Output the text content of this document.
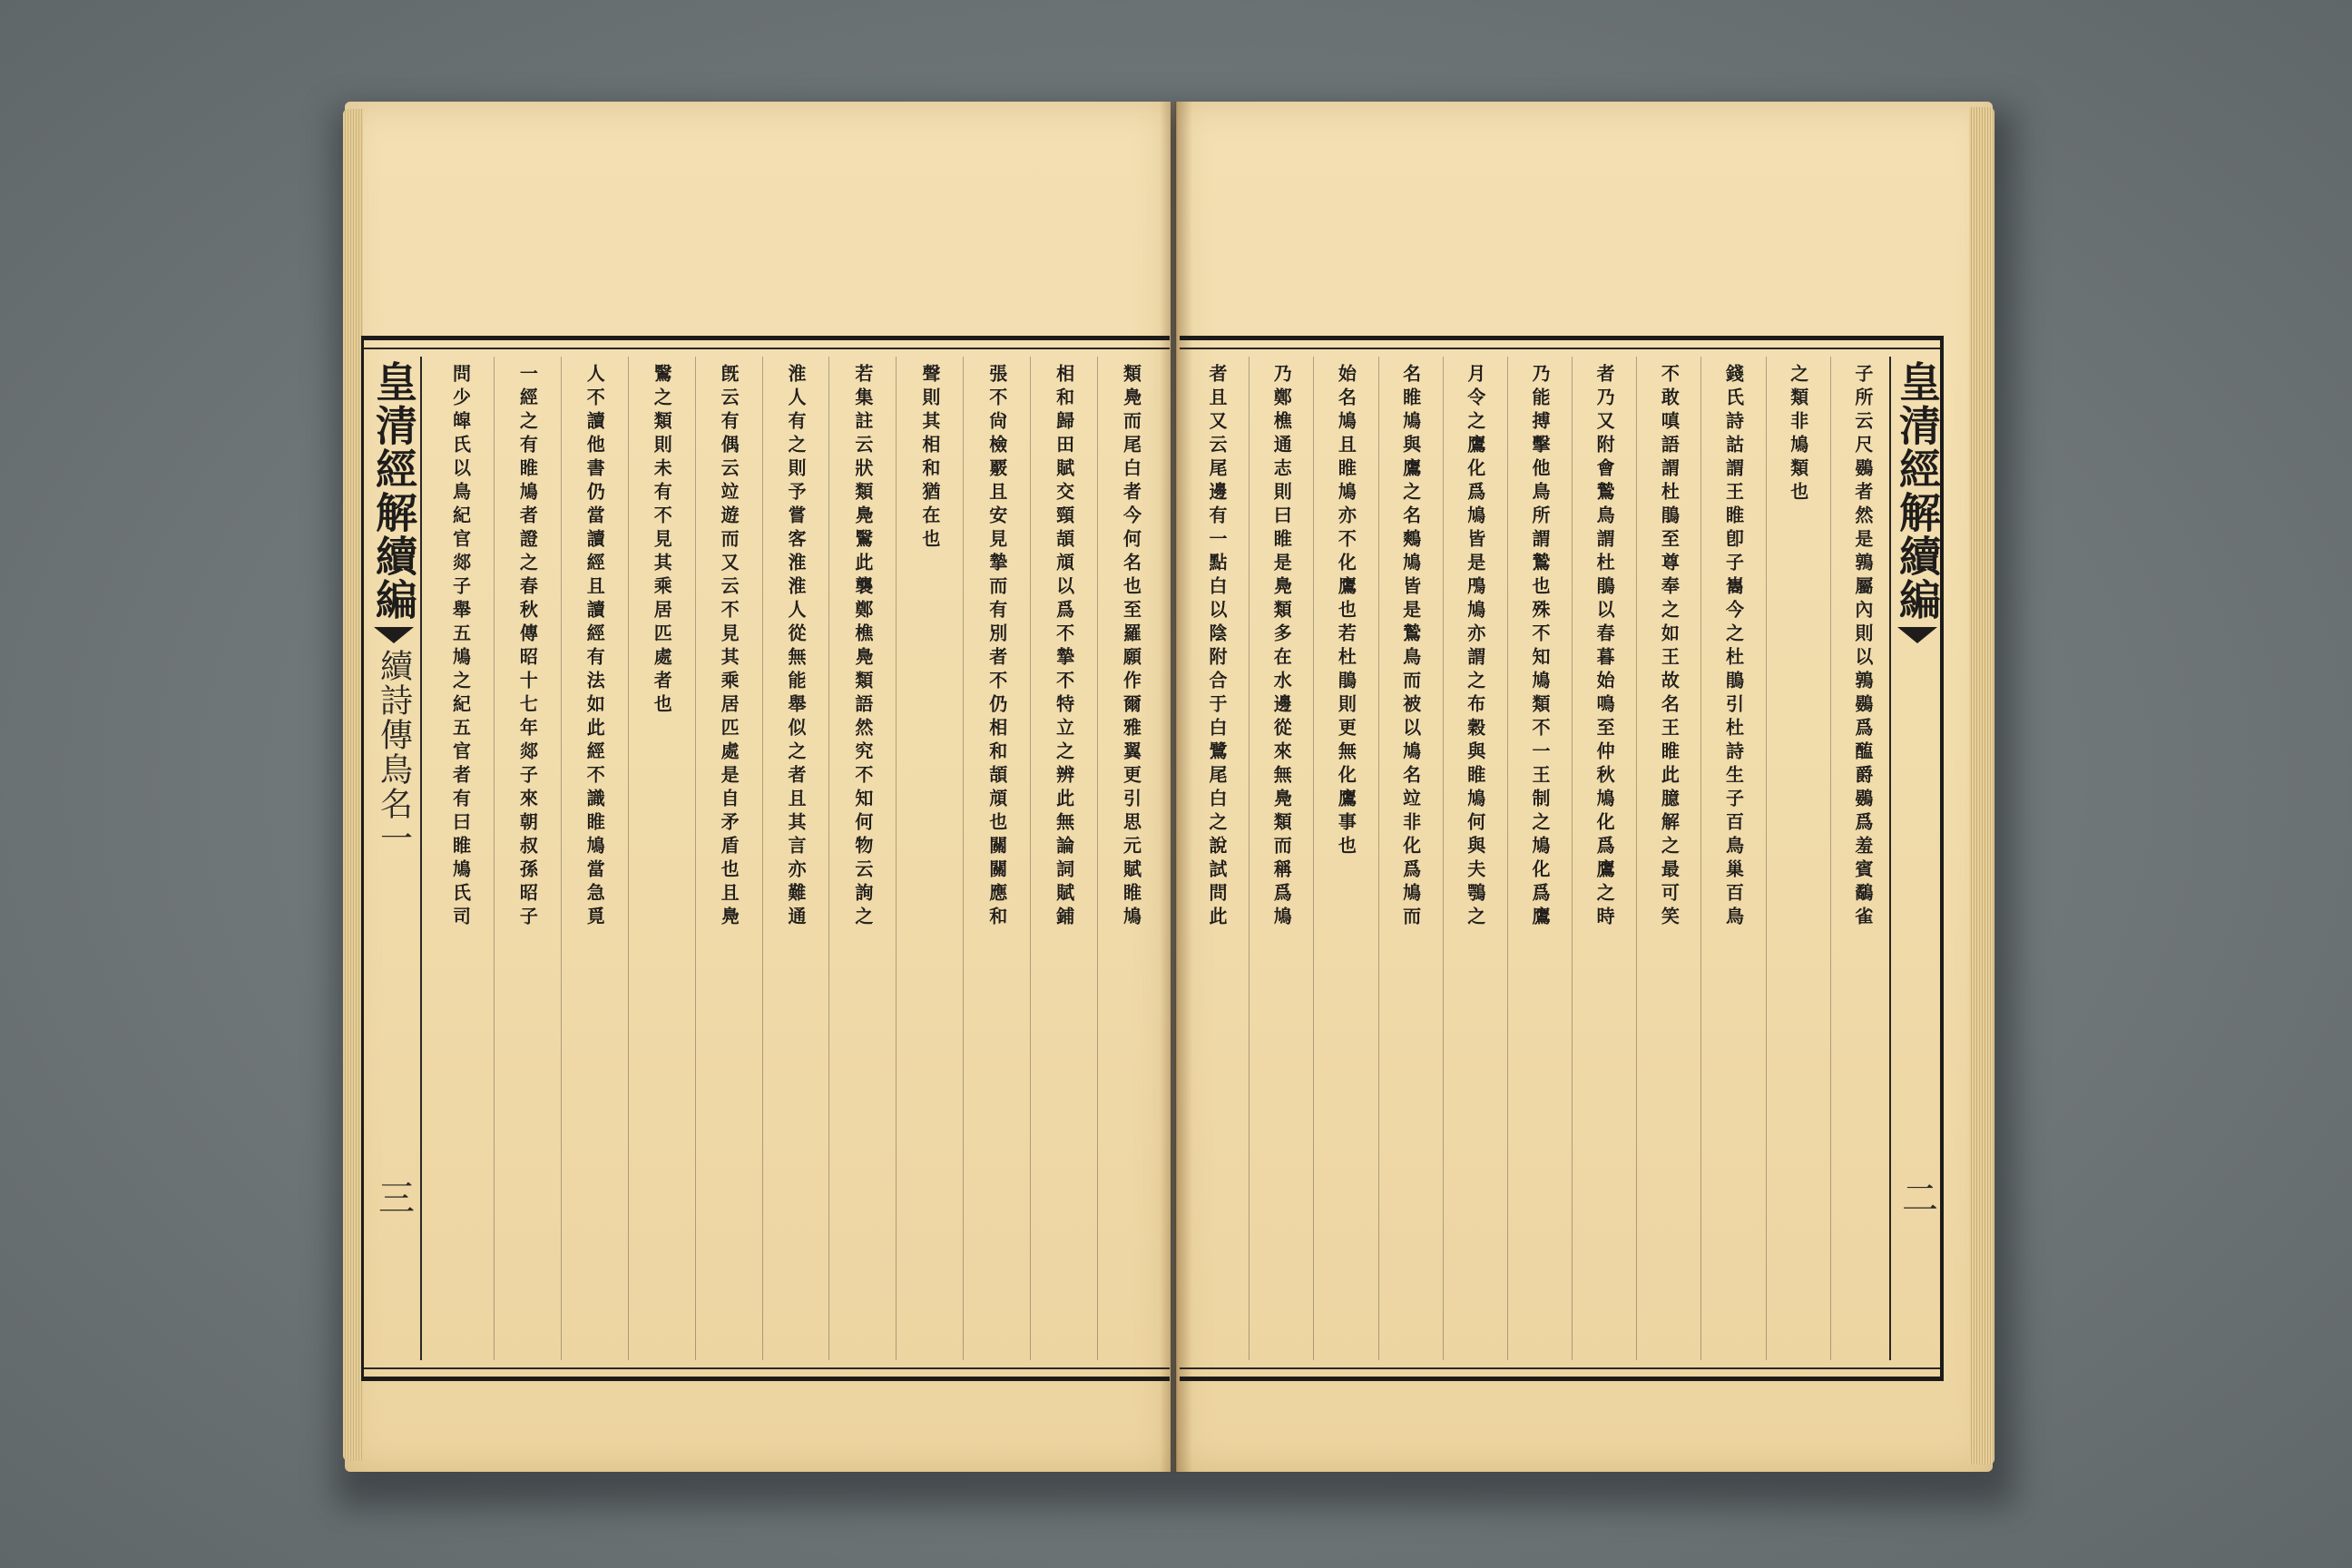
皇清經解續編
續詩傳鳥名一
三
類鳧而尾白者今何名也至羅願作爾雅翼更引思元賦睢鳩
相和歸田賦交頸頡頏以爲不摯不特立之辨此無論詞賦鋪
張不尙檢覈且安見摯而有別者不仍相和頡頏也關關應和
聲則其相和猶在也
若集註云狀類鳧鷖此襲鄭樵鳧類語然究不知何物云詢之
淮人有之則予嘗客淮淮人從無能舉似之者且其言亦難通
旣云有偶云竝遊而又云不見其乘居匹處是自矛盾也且鳧
鷖之類則未有不見其乘居匹處者也
人不讀他書仍當讀經且讀經有法如此經不識睢鳩當急覓
一經之有睢鳩者證之春秋傳昭十七年郯子來朝叔孫昭子
問少皡氏以鳥紀官郯子舉五鳩之紀五官者有曰睢鳩氏司	皇清經解續編
二
子所云尺鷃者然是鶉屬內則以鶉鷃爲醢爵鷃爲羞賓鷸雀
之類非鳩類也
錢氏詩詁謂王睢卽子巂今之杜鵑引杜詩生子百鳥巢百鳥
不敢嗔語謂杜鵑至尊奉之如王故名王睢此臆解之最可笑
者乃又附會鷙鳥謂杜鵑以春暮始鳴至仲秋鳩化爲鷹之時
乃能搏擊他鳥所謂鷙也殊不知鳩類不一王制之鳩化爲鷹
月令之鷹化爲鳩皆是鳲鳩亦謂之布穀與睢鳩何與夫鶚之
名睢鳩與鷹之名鷞鳩皆是鷙鳥而被以鳩名竝非化爲鳩而
始名鳩且睢鳩亦不化鷹也若杜鵑則更無化鷹事也
乃鄭樵通志則曰睢是鳧類多在水邊從來無鳧類而稱爲鳩
者且又云尾邊有一點白以陰附合于白鷺尾白之說試問此
